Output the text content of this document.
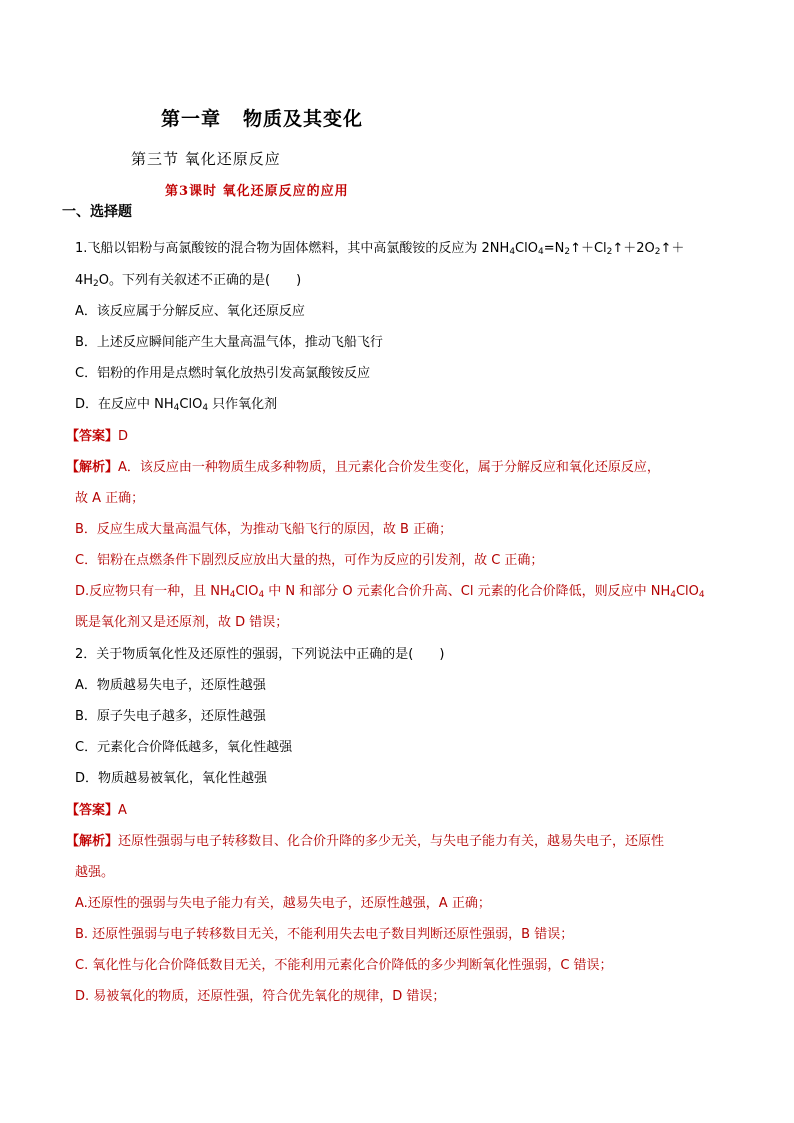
第一章 物质及其变化
第三节 氧化还原反应
第3课时 氧化还原反应的应用
一、选择题
1.飞船以铝粉与高氯酸铵的混合物为固体燃料，其中高氯酸铵的反应为 $2NH_4ClO_4=N_2↑+Cl_2↑+2O_2↑+$
$4H_2O$。下列有关叙述不正确的是(　　)
A．该反应属于分解反应、氧化还原反应
B．上述反应瞬间能产生大量高温气体，推动飞船飞行
C．铝粉的作用是点燃时氧化放热引发高氯酸铵反应
D．在反应中 $NH_4ClO_4$ 只作氧化剂
【答案】D
【解析】A．该反应由一种物质生成多种物质，且元素化合价发生变化，属于分解反应和氧化还原反应，
故 A 正确；
B．反应生成大量高温气体，为推动飞船飞行的原因，故 B 正确；
C．铝粉在点燃条件下剧烈反应放出大量的热，可作为反应的引发剂，故 C 正确；
D.反应物只有一种，且 $NH_4ClO_4$ 中 N 和部分 O 元素化合价升高、Cl 元素的化合价降低，则反应中 $NH_4ClO_4$
既是氧化剂又是还原剂，故 D 错误；
2．关于物质氧化性及还原性的强弱，下列说法中正确的是(　　)
A．物质越易失电子，还原性越强
B．原子失电子越多，还原性越强
C．元素化合价降低越多，氧化性越强
D．物质越易被氧化，氧化性越强
【答案】A
【解析】还原性强弱与电子转移数目、化合价升降的多少无关，与失电子能力有关，越易失电子，还原性
越强。
A.还原性的强弱与失电子能力有关，越易失电子，还原性越强，A 正确；
B. 还原性强弱与电子转移数目无关，不能利用失去电子数目判断还原性强弱，B 错误；
C. 氧化性与化合价降低数目无关，不能利用元素化合价降低的多少判断氧化性强弱，C 错误；
D. 易被氧化的物质，还原性强，符合优先氧化的规律，D 错误；
